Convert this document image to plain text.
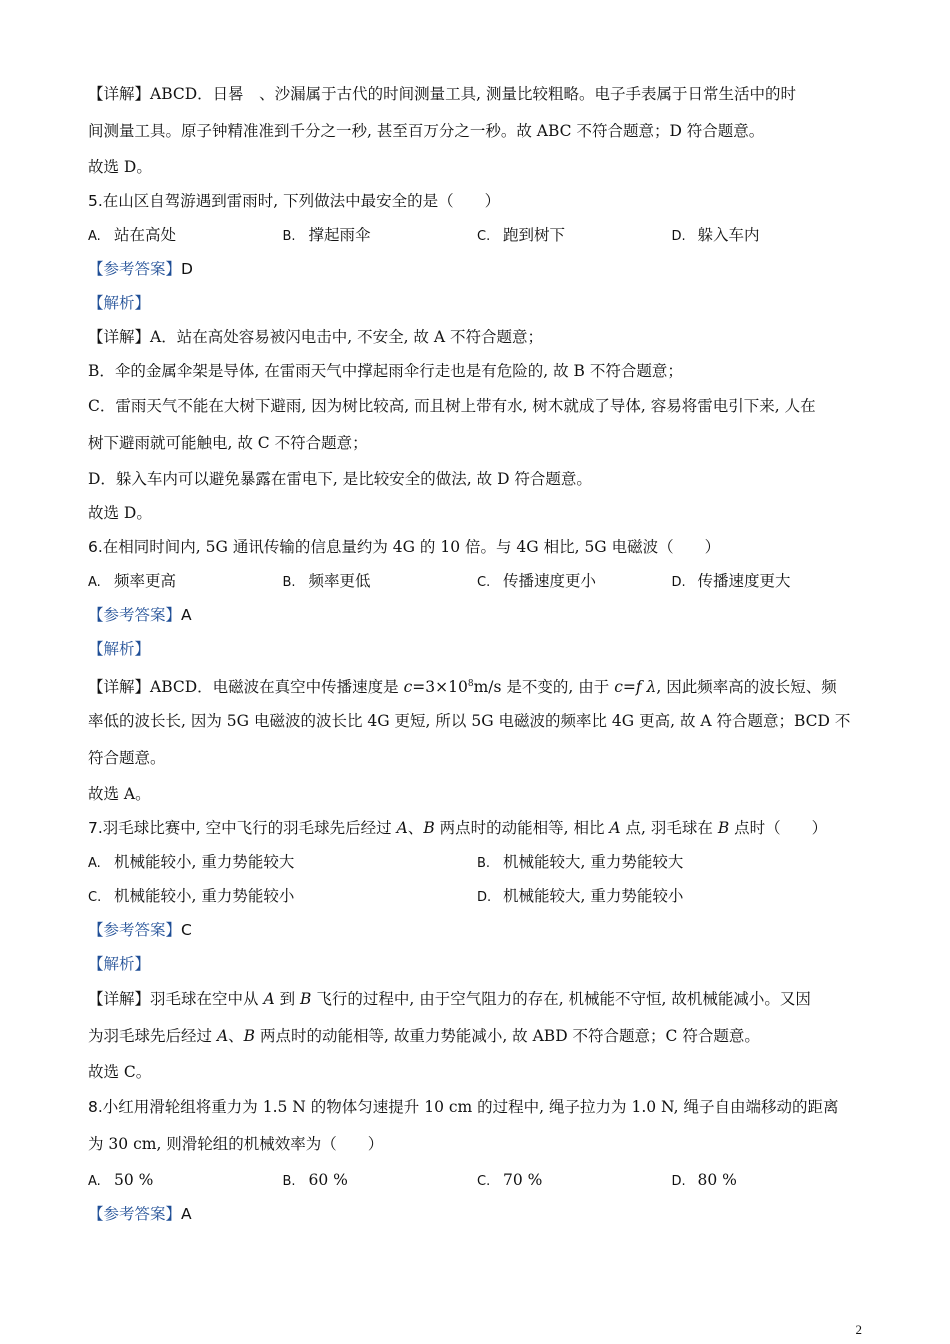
【详解】ABCD．日晷　、沙漏属于古代的时间测量工具, 测量比较粗略。电子手表属于日常生活中的时

间测量工具。原子钟精准准到千分之一秒, 甚至百万分之一秒。故 ABC 不符合题意；D 符合题意。

故选 D。

5.在山区自驾游遇到雷雨时, 下列做法中最安全的是（　　）

A. 站在高处	B. 撑起雨伞	C. 跑到树下	D. 躲入车内

【参考答案】D

【解析】

【详解】A．站在高处容易被闪电击中, 不安全, 故 A 不符合题意；

B．伞的金属伞架是导体, 在雷雨天气中撑起雨伞行走也是有危险的, 故 B 不符合题意；

C．雷雨天气不能在大树下避雨, 因为树比较高, 而且树上带有水, 树木就成了导体, 容易将雷电引下来, 人在

树下避雨就可能触电, 故 C 不符合题意；

D．躲入车内可以避免暴露在雷电下, 是比较安全的做法, 故 D 符合题意。

故选 D。

6.在相同时间内, 5G 通讯传输的信息量约为 4G 的 10 倍。与 4G 相比, 5G 电磁波（　　）

A. 频率更高	B. 频率更低	C. 传播速度更小	D. 传播速度更大

【参考答案】A

【解析】

【详解】ABCD．电磁波在真空中传播速度是 $c=3\times 10^8m/s$ 是不变的, 由于 c=f λ, 因此频率高的波长短、频

率低的波长长, 因为 5G 电磁波的波长比 4G 更短, 所以 5G 电磁波的频率比 4G 更高, 故 A 符合题意；BCD 不

符合题意。

故选 A。

7.羽毛球比赛中, 空中飞行的羽毛球先后经过 A、B 两点时的动能相等, 相比 A 点, 羽毛球在 B 点时（　　）

A. 机械能较小, 重力势能较大	B. 机械能较大, 重力势能较大
C. 机械能较小, 重力势能较小	D. 机械能较大, 重力势能较小

【参考答案】C

【解析】

【详解】羽毛球在空中从 A 到 B 飞行的过程中, 由于空气阻力的存在, 机械能不守恒, 故机械能减小。又因

为羽毛球先后经过 A、B 两点时的动能相等, 故重力势能减小, 故 ABD 不符合题意；C 符合题意。

故选 C。

8.小红用滑轮组将重力为 1.5 N 的物体匀速提升 10 cm 的过程中, 绳子拉力为 1.0 N, 绳子自由端移动的距离

为 30 cm, 则滑轮组的机械效率为（　　）

A. 50 %	B. 60 %	C. 70 %	D. 80 %

【参考答案】A

2
